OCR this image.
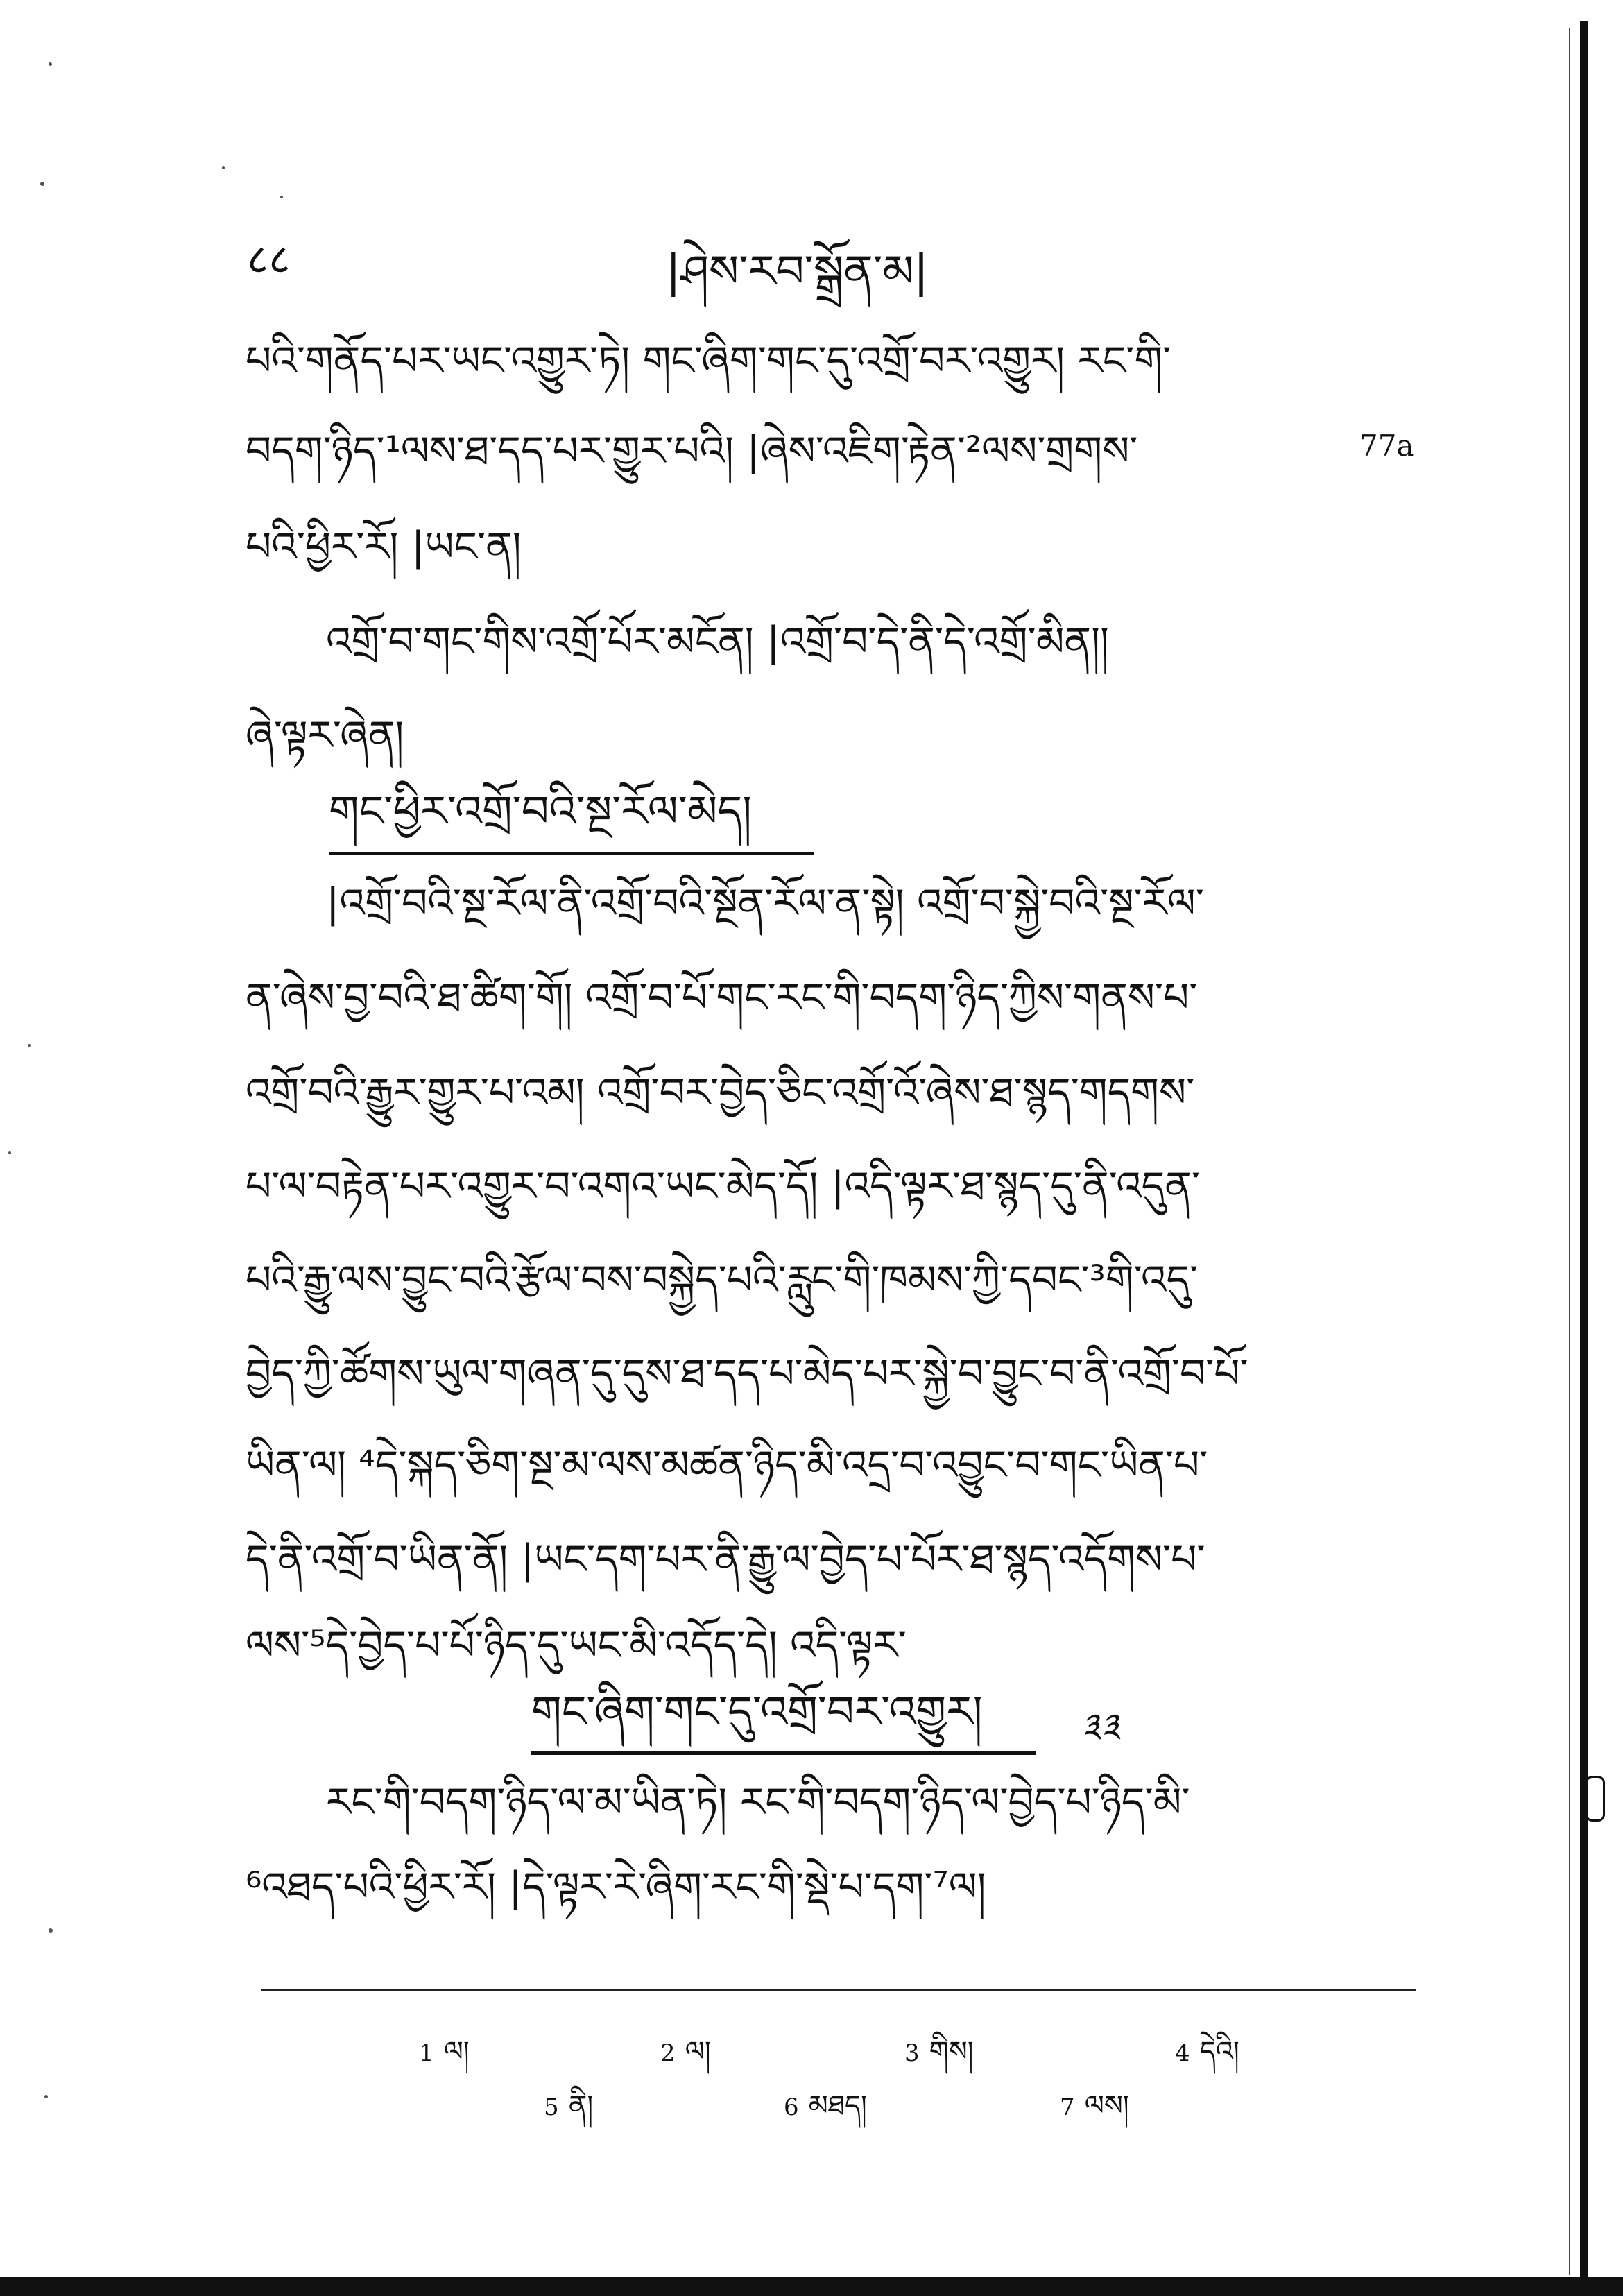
८८	|ཤེས་རབ་སྒྲོན་མ|
པའི་གནོད་པར་ཡང་འགྱུར་ཏེ། གང་ཞིག་གང་དུ་འགྲོ་བར་འགྱུར། རང་གི་
བདག་ཉིད་¹ལས་ཐ་དད་པར་གྱུར་པའི། |ཞེས་འཇིག་རྟེན་²ལས་གྲགས་	77a
པའི་ཕྱིར་རོ། |ཡང་ན།
འགྲོ་བ་གང་གིས་འགྲོ་པོར་མངོན། |འགྲོ་བ་དེ་ནི་དེ་འགྲོ་མིན།།
ཞེ་ལྟར་ཞེན།
གང་ཕྱིར་འགྲོ་བའི་སྔ་རོལ་མེད།
|འགྲོ་བའི་སྔ་རོལ་ནི་འགྲོ་བའི་སྔོན་རོལ་ན་སྟེ། འགྲོ་བ་སྐྱེ་བའི་སྔ་རོལ་
ན་ཞེས་བྱ་བའི་ཐ་ཚིག་གོ། འགྲོ་བ་པོ་གང་རང་གི་བདག་ཉིད་ཀྱིས་གནས་པ་
འགྲོ་བའི་རྒྱུར་གྱུར་པ་འམ། འགྲོ་བར་བྱེད་ཅིང་འགྲོ་འོ་ཞེས་ཐ་སྙད་གདགས་
པ་ལ་བརྟེན་པར་འགྱུར་བ་འགའ་ཡང་མེད་དོ། |འདི་ལྟར་ཐ་སྙད་དུ་ནི་འདུན་
པའི་རྒྱུ་ལས་བྱུང་བའི་རྩོལ་བས་བསྐྱེད་པའི་རླུང་གི་ཁམས་ཀྱི་དབང་³གི་འདུ་
བྱེད་ཀྱི་ཚོགས་ཡུལ་གཞན་དུ་དུས་ཐ་དད་པ་མེད་པར་སྐྱེ་བ་བྱུང་བ་ནི་འགྲོ་བ་པོ་
ཡིན་ལ། ⁴དེ་སྐད་ཅིག་སྔ་མ་ལས་མཚན་ཉིད་མི་འདྲ་བ་འབྱུང་བ་གང་ཡིན་པ་
དེ་ནི་འགྲོ་བ་ཡིན་ནོ། |ཡང་དག་པར་ནི་རྒྱུ་ལ་བྱེད་པ་པོར་ཐ་སྙད་འདོགས་པ་
ལས་⁵དེ་བྱེད་པ་པོ་ཉིད་དུ་ཡང་མི་འདོད་དེ། འདི་ལྟར་
གང་ཞིག་གང་དུ་འགྲོ་བར་འགྱུར།	༣༣
རང་གི་བདག་ཉིད་ལ་མ་ཡིན་ཏེ། རང་གི་བདག་ཉིད་ལ་བྱེད་པ་ཉིད་མི་
⁶འཐད་པའི་ཕྱིར་རོ། |དེ་ལྟར་རེ་ཞིག་རང་གི་སྡེ་པ་དག་⁷ལ།
1 ལ།	2 ལ།	3 གིས།	4 དེའི།
5 ནི།	6 མཐད།	7 ལས།
